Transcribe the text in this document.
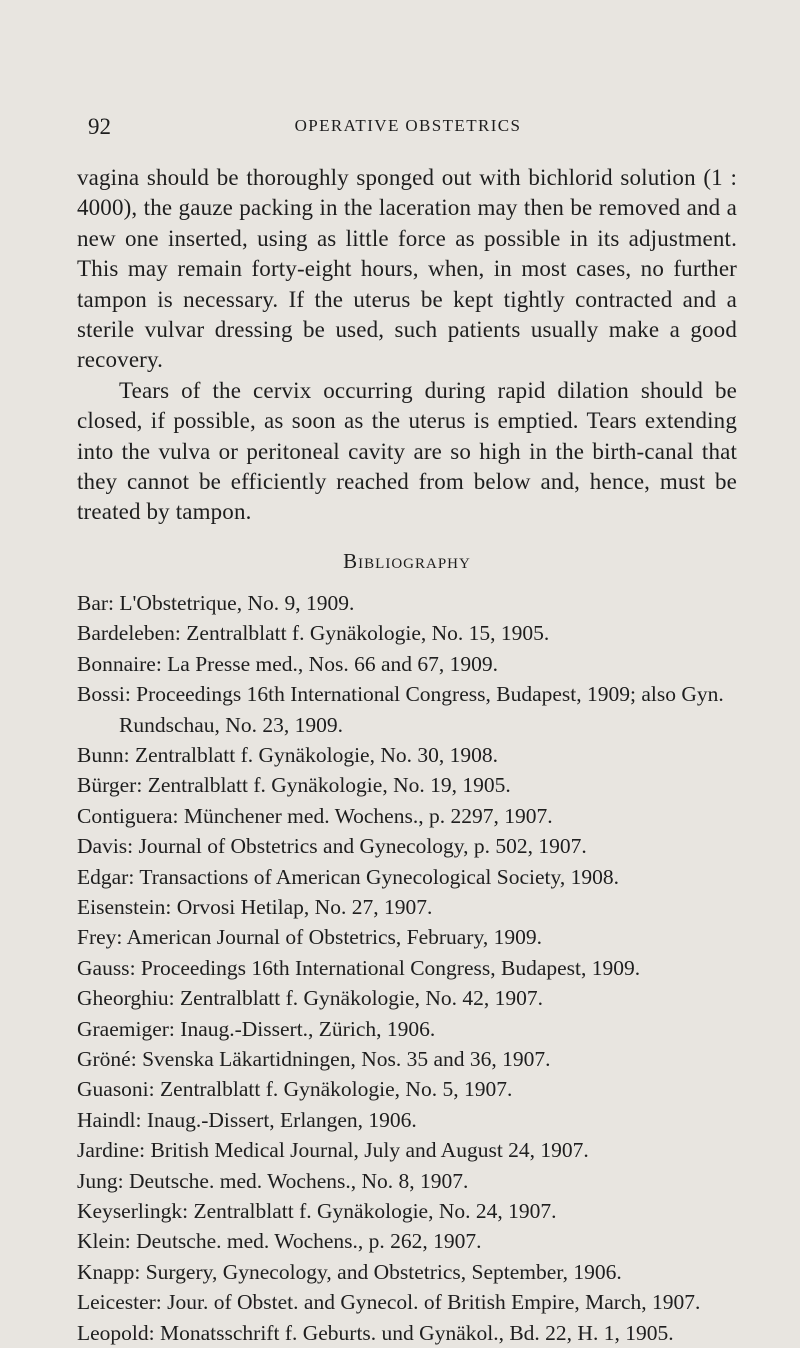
92	OPERATIVE OBSTETRICS

vagina should be thoroughly sponged out with bichlorid solution (1 : 4000), the gauze packing in the laceration may then be removed and a new one inserted, using as little force as possible in its adjustment. This may remain forty-eight hours, when, in most cases, no further tampon is necessary. If the uterus be kept tightly contracted and a sterile vulvar dressing be used, such patients usually make a good recovery.

Tears of the cervix occurring during rapid dilation should be closed, if possible, as soon as the uterus is emptied. Tears extending into the vulva or peritoneal cavity are so high in the birth-canal that they cannot be efficiently reached from below and, hence, must be treated by tampon.

Bibliography
Bar : L'Obstetrique, No. 9, 1909.
Bardeleben : Zentralblatt f. Gynäkologie, No. 15, 1905.
Bonnaire : La Presse med., Nos. 66 and 67, 1909.
Bossi : Proceedings 16th International Congress, Budapest, 1909; also Gyn. Rundschau, No. 23, 1909.
Bunn : Zentralblatt f. Gynäkologie, No. 30, 1908.
Bürger : Zentralblatt f. Gynäkologie, No. 19, 1905.
Contiguera : Münchener med. Wochens., p. 2297, 1907.
Davis : Journal of Obstetrics and Gynecology, p. 502, 1907.
Edgar : Transactions of American Gynecological Society, 1908.
Eisenstein : Orvosi Hetilap, No. 27, 1907.
Frey : American Journal of Obstetrics, February, 1909.
Gauss : Proceedings 16th International Congress, Budapest, 1909.
Gheorghiu : Zentralblatt f. Gynäkologie, No. 42, 1907.
Graemiger : Inaug.-Dissert., Zürich, 1906.
Gröné : Svenska Läkartidningen, Nos. 35 and 36, 1907.
Guasoni : Zentralblatt f. Gynäkologie, No. 5, 1907.
Haindl : Inaug.-Dissert, Erlangen, 1906.
Jardine : British Medical Journal, July and August 24, 1907.
Jung : Deutsche. med. Wochens., No. 8, 1907.
Keyserlingk : Zentralblatt f. Gynäkologie, No. 24, 1907.
Klein : Deutsche. med. Wochens., p. 262, 1907.
Knapp : Surgery, Gynecology, and Obstetrics, September, 1906.
Leicester : Jour. of Obstet. and Gynecol. of British Empire, March, 1907.
Leopold : Monatsschrift f. Geburts. und Gynäkol., Bd. 22, H. 1, 1905.
